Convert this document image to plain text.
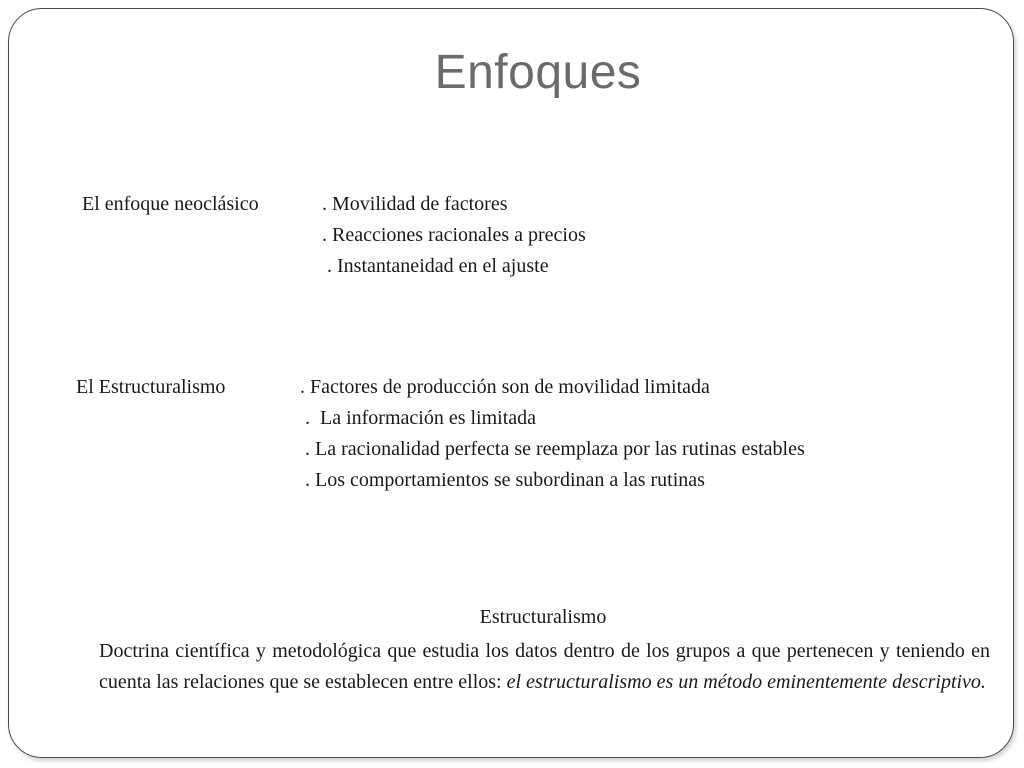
Enfoques
El enfoque neoclásico	. Movilidad de factores
. Reacciones racionales a precios
. Instantaneidad en el ajuste
El Estructuralismo	. Factores de producción son de movilidad limitada
.  La información es limitada
. La racionalidad perfecta se reemplaza por las rutinas estables
. Los comportamientos se subordinan a las rutinas
Estructuralismo

Doctrina científica y metodológica que estudia los datos dentro de los grupos a que pertenecen y teniendo en cuenta las relaciones que se establecen entre ellos: el estructuralismo es un método eminentemente descriptivo.
